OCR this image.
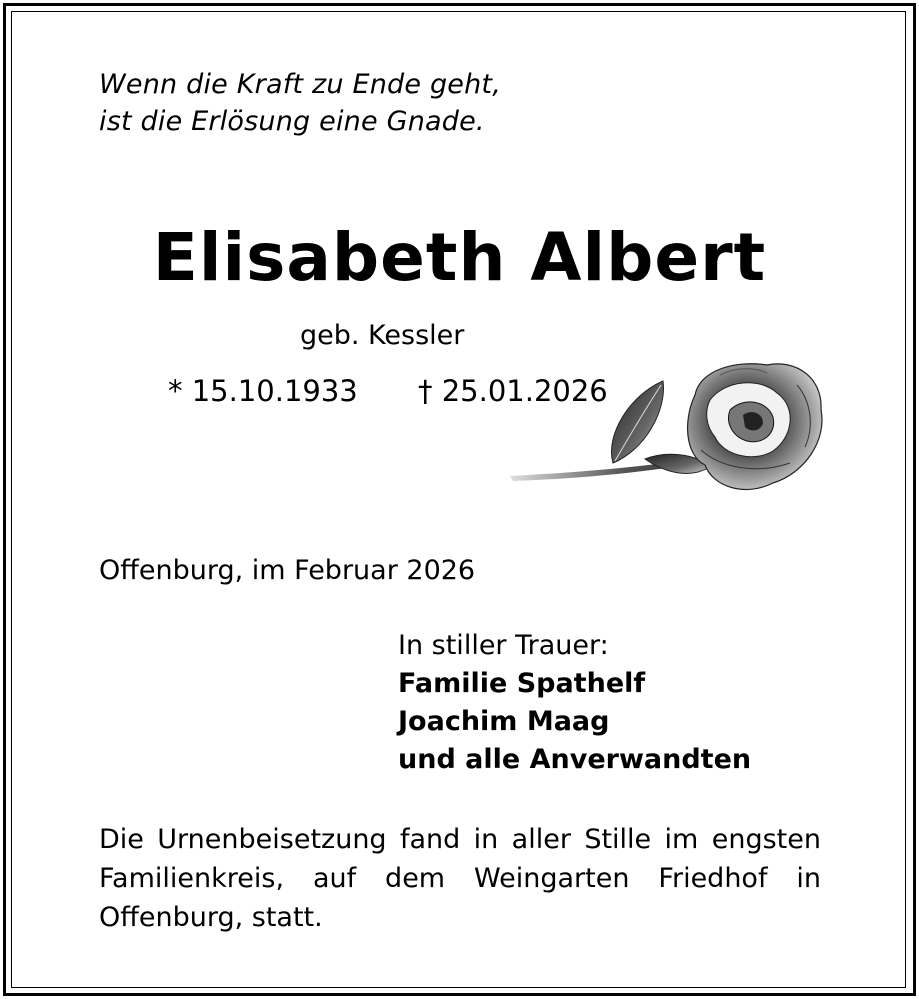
Wenn die Kraft zu Ende geht,
ist die Erlösung eine Gnade.
Elisabeth Albert
geb. Kessler
* 15.10.1933 † 25.01.2026
Offenburg, im Februar 2026
In stiller Trauer:
Familie Spathelf
Joachim Maag
und alle Anverwandten
Die Urnenbeisetzung fand in aller Stille im engsten
Familienkreis, auf dem Weingarten Friedhof in
Offenburg, statt.
